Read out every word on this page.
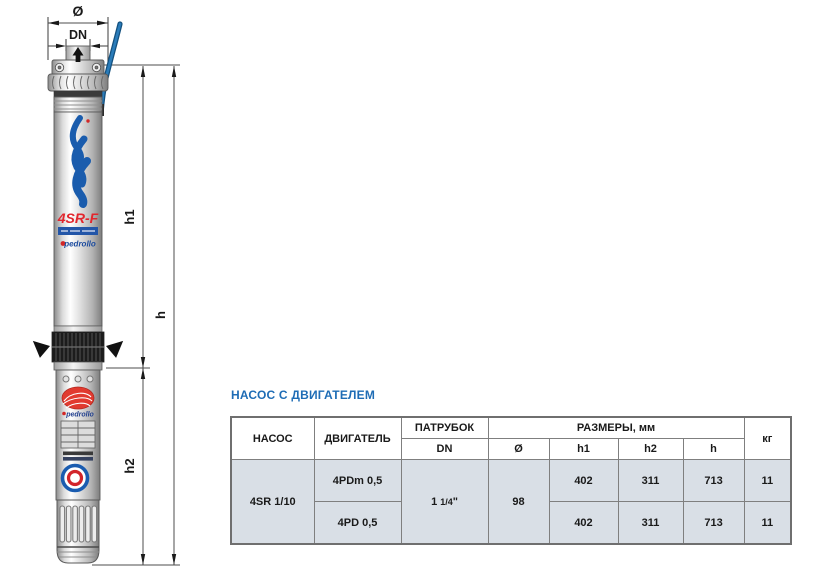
Ø
DN
h1
h
h2
4SR-F
pedrollo
pedrollo
НАСОС С ДВИГАТЕЛЕМ
НАСОС	ДВИГАТЕЛЬ	ПАТРУБОК	РАЗМЕРЫ, мм				кг
		DN	Ø	h1	h2	h	
4SR 1/10	4PDm 0,5	1 1/4"	98	402	311	713	11
	4PD 0,5			402	311	713	11
